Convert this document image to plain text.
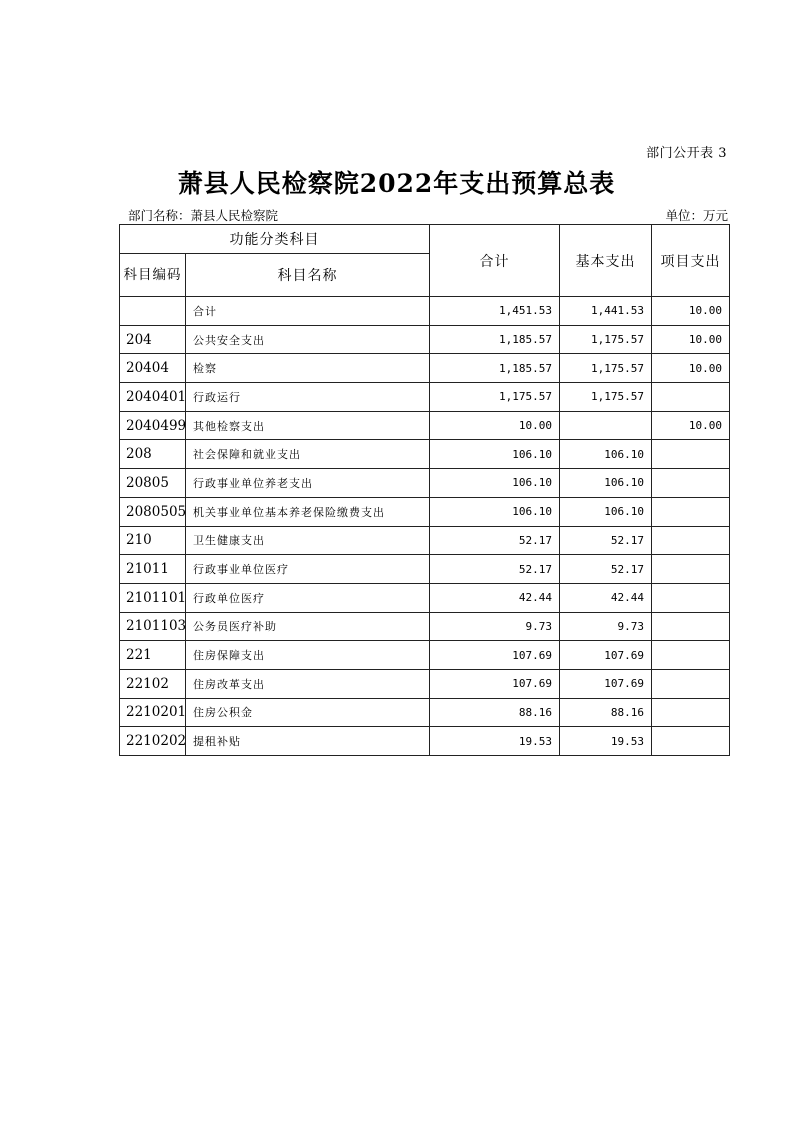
部门公开表 3
萧县人民检察院2022年支出预算总表
部门名称：萧县人民检察院	单位：万元
功能分类科目		合计	基本支出	项目支出
科目编码	科目名称			
	合计	1,451.53	1,441.53	10.00
204	公共安全支出	1,185.57	1,175.57	10.00
20404	检察	1,185.57	1,175.57	10.00
2040401	行政运行	1,175.57	1,175.57	
2040499	其他检察支出	10.00		10.00
208	社会保障和就业支出	106.10	106.10	
20805	行政事业单位养老支出	106.10	106.10	
2080505	机关事业单位基本养老保险缴费支出	106.10	106.10	
210	卫生健康支出	52.17	52.17	
21011	行政事业单位医疗	52.17	52.17	
2101101	行政单位医疗	42.44	42.44	
2101103	公务员医疗补助	9.73	9.73	
221	住房保障支出	107.69	107.69	
22102	住房改革支出	107.69	107.69	
2210201	住房公积金	88.16	88.16	
2210202	提租补贴	19.53	19.53	
